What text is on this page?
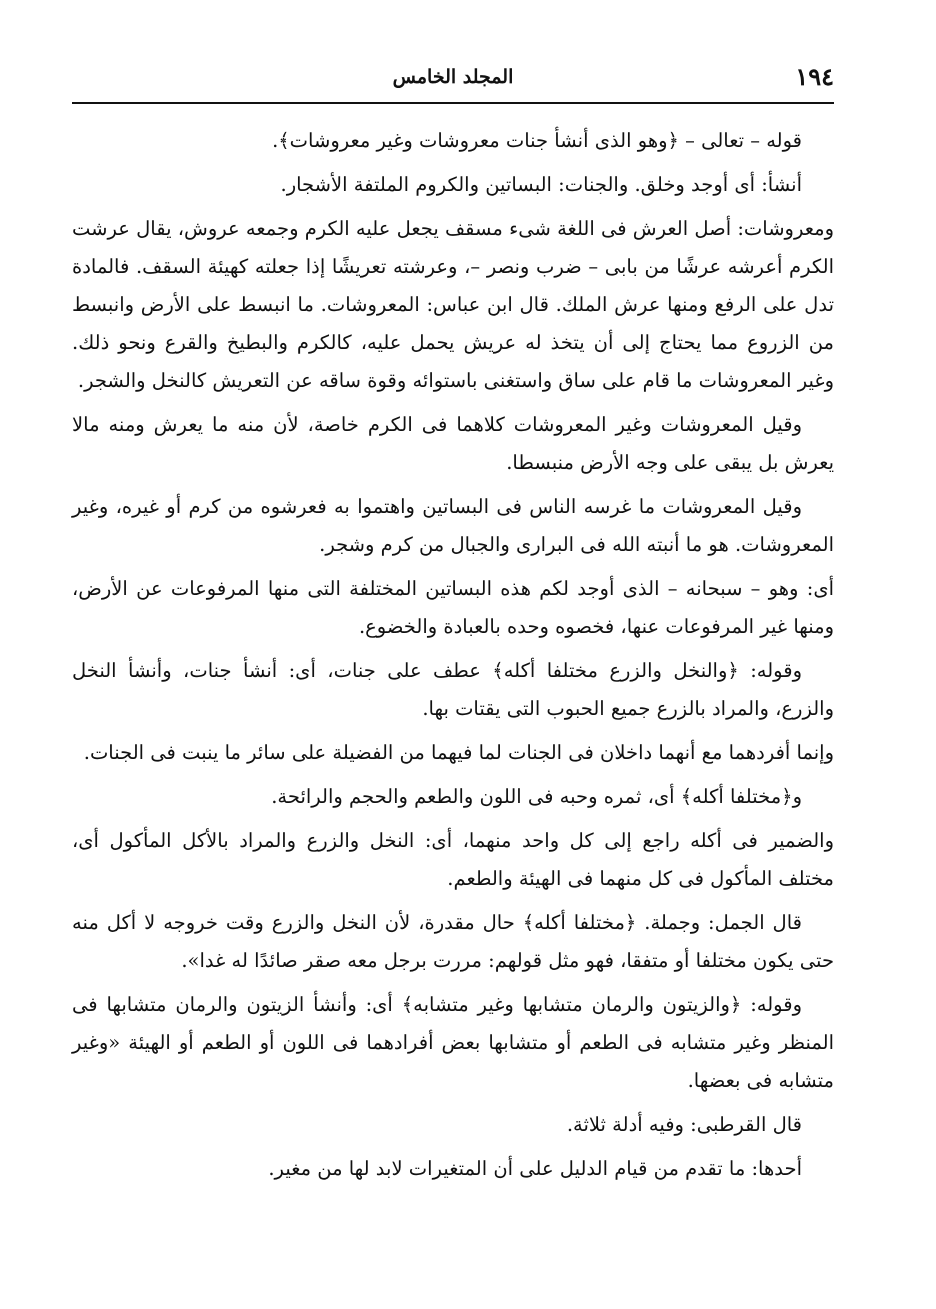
١٩٤
المجلد الخامس

قوله – تعالى – ﴿وهو الذى أنشأ جنات معروشات وغير معروشات﴾.

أنشأ: أى أوجد وخلق. والجنات: البساتين والكروم الملتفة الأشجار.

ومعروشات: أصل العرش فى اللغة شىء مسقف يجعل عليه الكرم وجمعه عروش، يقال عرشت الكرم أعرشه عرشًا من بابى – ضرب ونصر –، وعرشته تعريشًا إذا جعلته كهيئة السقف. فالمادة تدل على الرفع ومنها عرش الملك. قال ابن عباس: المعروشات. ما انبسط على الأرض وانبسط من الزروع مما يحتاج إلى أن يتخذ له عريش يحمل عليه، كالكرم والبطيخ والقرع ونحو ذلك. وغير المعروشات ما قام على ساق واستغنى باستوائه وقوة ساقه عن التعريش كالنخل والشجر.

وقيل المعروشات وغير المعروشات كلاهما فى الكرم خاصة، لأن منه ما يعرش ومنه مالا يعرش بل يبقى على وجه الأرض منبسطا.

وقيل المعروشات ما غرسه الناس فى البساتين واهتموا به فعرشوه من كرم أو غيره، وغير المعروشات. هو ما أنبته الله فى البرارى والجبال من كرم وشجر.

أى: وهو – سبحانه – الذى أوجد لكم هذه البساتين المختلفة التى منها المرفوعات عن الأرض، ومنها غير المرفوعات عنها، فخصوه وحده بالعبادة والخضوع.

وقوله: ﴿والنخل والزرع مختلفا أكله﴾ عطف على جنات، أى: أنشأ جنات، وأنشأ النخل والزرع، والمراد بالزرع جميع الحبوب التى يقتات بها.

وإنما أفردهما مع أنهما داخلان فى الجنات لما فيهما من الفضيلة على سائر ما ينبت فى الجنات.

و﴿مختلفا أكله﴾ أى، ثمره وحبه فى اللون والطعم والحجم والرائحة.

والضمير فى أكله راجع إلى كل واحد منهما، أى: النخل والزرع والمراد بالأكل المأكول أى، مختلف المأكول فى كل منهما فى الهيئة والطعم.

قال الجمل: وجملة. ﴿مختلفا أكله﴾ حال مقدرة، لأن النخل والزرع وقت خروجه لا أكل منه حتى يكون مختلفا أو متفقا، فهو مثل قولهم: مررت برجل معه صقر صائدًا له غدا».

وقوله: ﴿والزيتون والرمان متشابها وغير متشابه﴾ أى: وأنشأ الزيتون والرمان متشابها فى المنظر وغير متشابه فى الطعم أو متشابها بعض أفرادهما فى اللون أو الطعم أو الهيئة «وغير متشابه فى بعضها.

قال القرطبى: وفيه أدلة ثلاثة.

أحدها: ما تقدم من قيام الدليل على أن المتغيرات لابد لها من مغير.
